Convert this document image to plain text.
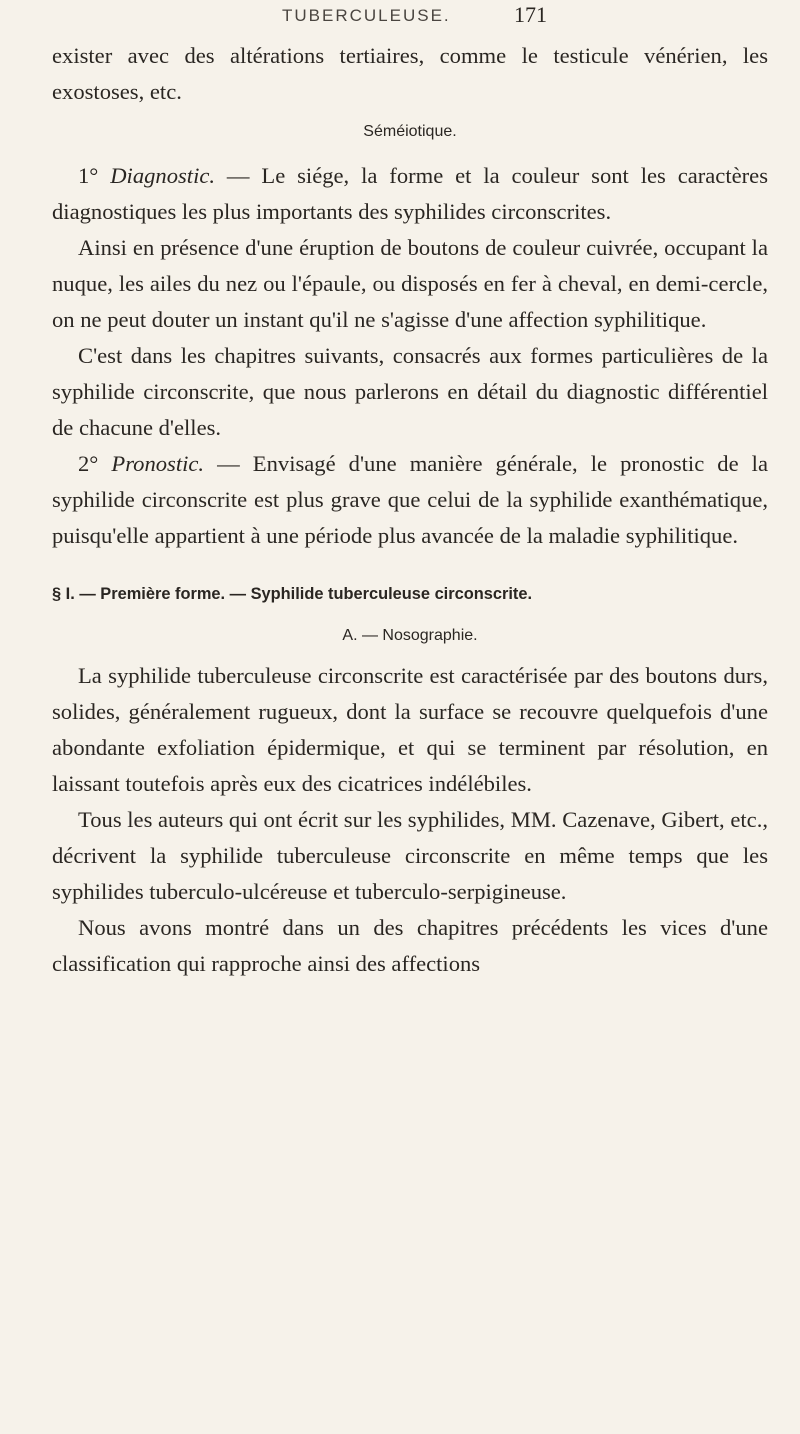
TUBERCULEUSE.	171

exister avec des altérations tertiaires, comme le testicule vénérien, les exostoses, etc.

Séméiotique.

1° Diagnostic. — Le siége, la forme et la couleur sont les caractères diagnostiques les plus importants des syphilides circonscrites.

Ainsi en présence d'une éruption de boutons de couleur cuivrée, occupant la nuque, les ailes du nez ou l'épaule, ou disposés en fer à cheval, en demi-cercle, on ne peut douter un instant qu'il ne s'agisse d'une affection syphilitique.

C'est dans les chapitres suivants, consacrés aux formes particulières de la syphilide circonscrite, que nous parlerons en détail du diagnostic différentiel de chacune d'elles.

2° Pronostic. — Envisagé d'une manière générale, le pronostic de la syphilide circonscrite est plus grave que celui de la syphilide exanthématique, puisqu'elle appartient à une période plus avancée de la maladie syphilitique.

§ I. — Première forme. — Syphilide tuberculeuse circonscrite.

A. — Nosographie.

La syphilide tuberculeuse circonscrite est caractérisée par des boutons durs, solides, généralement rugueux, dont la surface se recouvre quelquefois d'une abondante exfoliation épidermique, et qui se terminent par résolution, en laissant toutefois après eux des cicatrices indélébiles.

Tous les auteurs qui ont écrit sur les syphilides, MM. Cazenave, Gibert, etc., décrivent la syphilide tuberculeuse circonscrite en même temps que les syphilides tuberculo-ulcéreuse et tuberculo-serpigineuse.

Nous avons montré dans un des chapitres précédents les vices d'une classification qui rapproche ainsi des affections
